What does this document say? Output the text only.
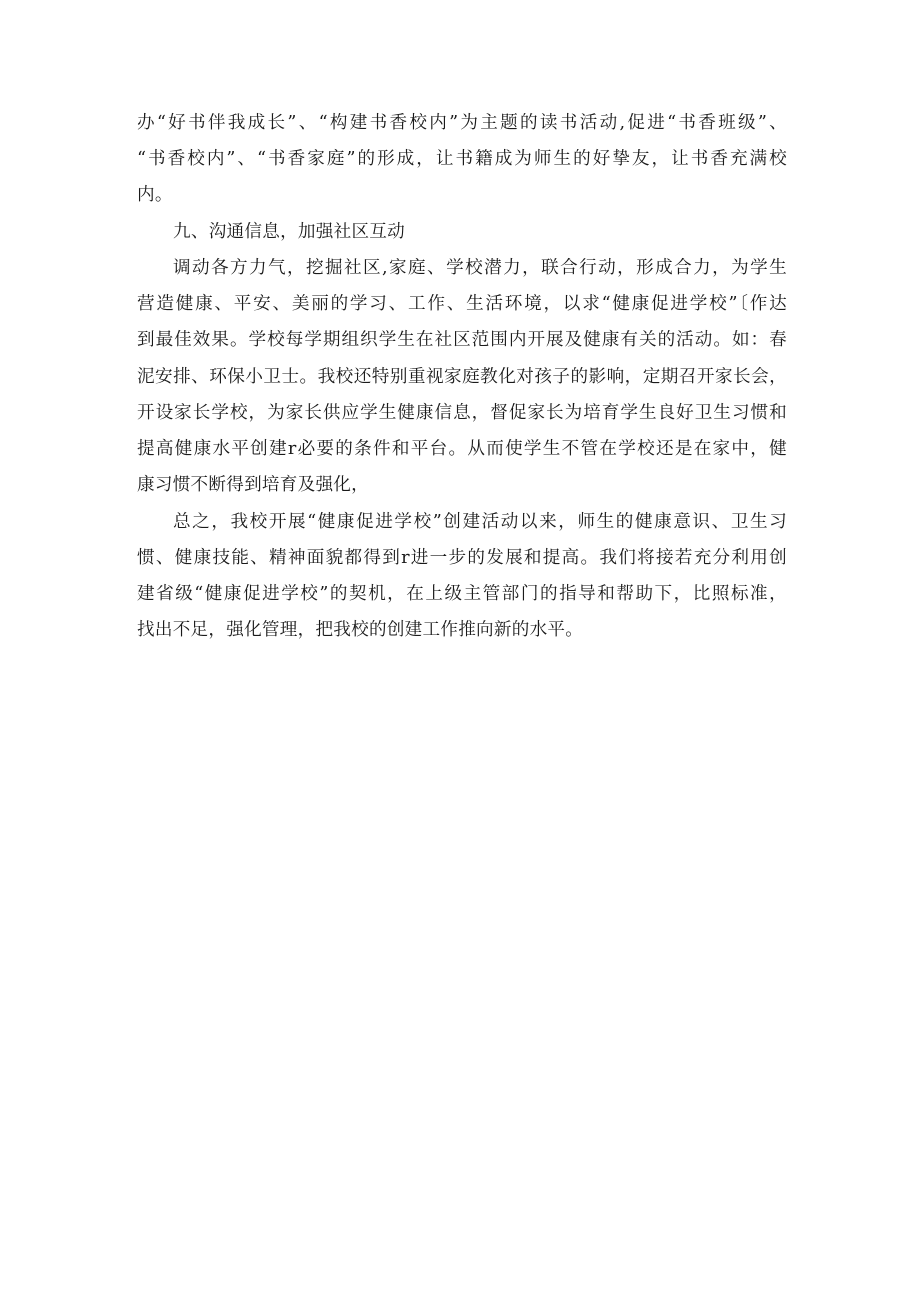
办“好书伴我成长”、“构建书香校内”为主题的读书活动,促进“书香班级”、
“书香校内”、“书香家庭”的形成，让书籍成为师生的好挚友，让书香充满校
内。
九、沟通信息，加强社区互动
调动各方力气，挖掘社区,家庭、学校潜力，联合行动，形成合力，为学生
营造健康、平安、美丽的学习、工作、生活环境，以求“健康促进学校”〔作达
到最佳效果。学校每学期组织学生在社区范围内开展及健康有关的活动。如：春
泥安排、环保小卫士。我校还特别重视家庭教化对孩子的影响，定期召开家长会，
开设家长学校，为家长供应学生健康信息，督促家长为培育学生良好卫生习惯和
提高健康水平创建r必要的条件和平台。从而使学生不管在学校还是在家中，健
康习惯不断得到培育及强化，
总之，我校开展“健康促进学校”创建活动以来，师生的健康意识、卫生习
惯、健康技能、精神面貌都得到r进一步的发展和提高。我们将接若充分利用创
建省级“健康促进学校”的契机，在上级主管部门的指导和帮助下，比照标准，
找出不足，强化管理，把我校的创建工作推向新的水平。
